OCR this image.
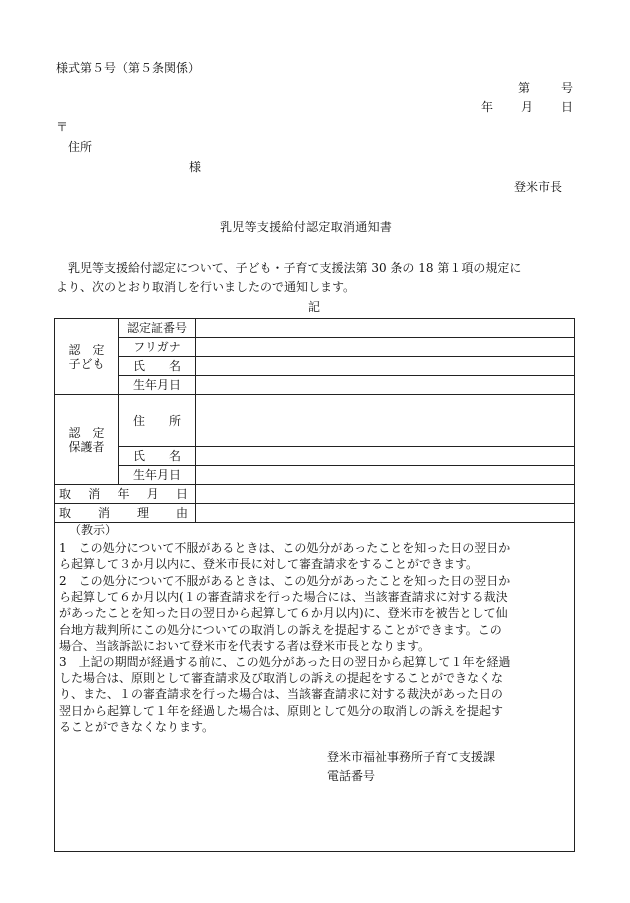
様式第５号（第５条関係）
第	号
年 月 日
〒
住所
様
登米市長
乳児等支援給付認定取消通知書
乳児等支援給付認定について、子ども・子育て支援法第 30 条の 18 第１項の規定に
より、次のとおり取消しを行いましたので通知します。
記
認　定
子ども	認定証番号	
	フリガナ	
	氏　　名	
	生年月日	

認　定
保護者	住　　所	
	氏　　名	
	生年月日	

取 消 年 月 日		

取 消 理 由		

（教示）

1　 この処分について不服があるときは、この処分があったことを知った日の翌日か

ら起算して３か月以内に、登米市長に対して審査請求をすることができます。

2　 この処分について不服があるときは、この処分があったことを知った日の翌日か

ら起算して６か月以内(１の審査請求を行った場合には、当該審査請求に対する裁決

があったことを知った日の翌日から起算して６か月以内)に、登米市を被告として仙

台地方裁判所にこの処分についての取消しの訴えを提起することができます。この

場合、当該訴訟において登米市を代表する者は登米市長となります。

3　 上記の期間が経過する前に、この処分があった日の翌日から起算して１年を経過

した場合は、原則として審査請求及び取消しの訴えの提起をすることができなくな

り、また、１の審査請求を行った場合は、当該審査請求に対する裁決があった日の

翌日から起算して１年を経過した場合は、原則として処分の取消しの訴えを提起す

ることができなくなります。

登米市福祉事務所子育て支援課

電話番号
